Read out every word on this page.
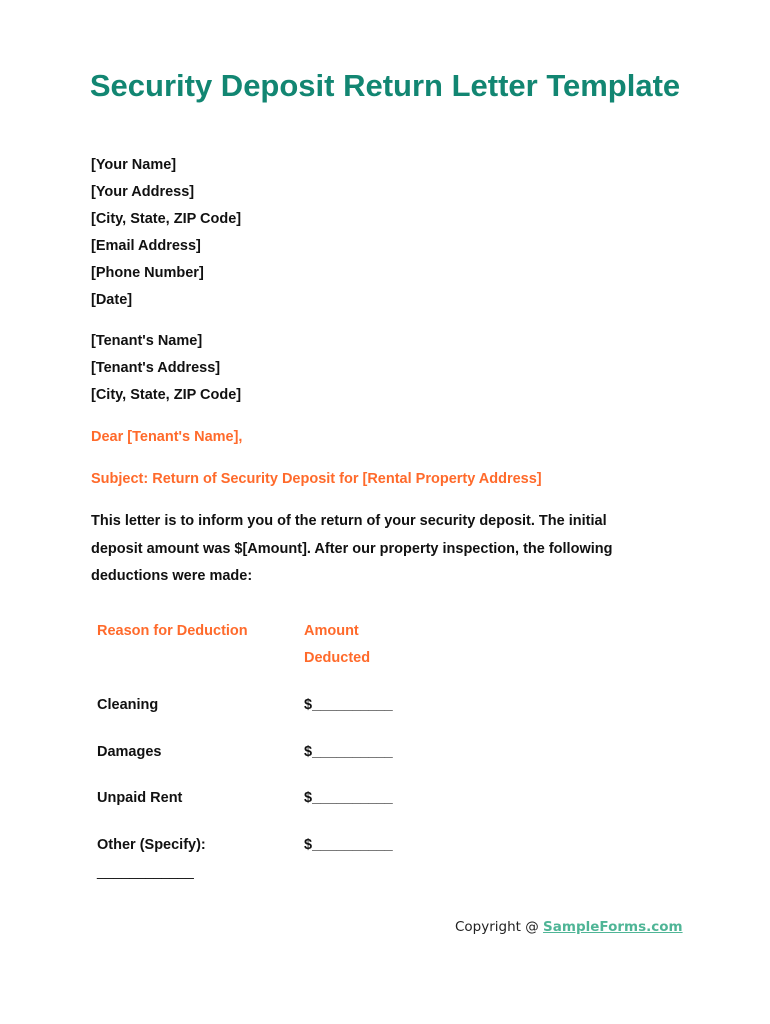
Security Deposit Return Letter Template
[Your Name]
[Your Address]
[City, State, ZIP Code]
[Email Address]
[Phone Number]
[Date]
[Tenant's Name]
[Tenant's Address]
[City, State, ZIP Code]
Dear [Tenant's Name],
Subject: Return of Security Deposit for [Rental Property Address]
This letter is to inform you of the return of your security deposit. The initial deposit amount was $[Amount]. After our property inspection, the following deductions were made:
Reason for Deduction	Amount Deducted
Cleaning	$__________
Damages	$__________
Unpaid Rent	$__________
Other (Specify):	$__________
____________
Copyright @ SampleForms.com
